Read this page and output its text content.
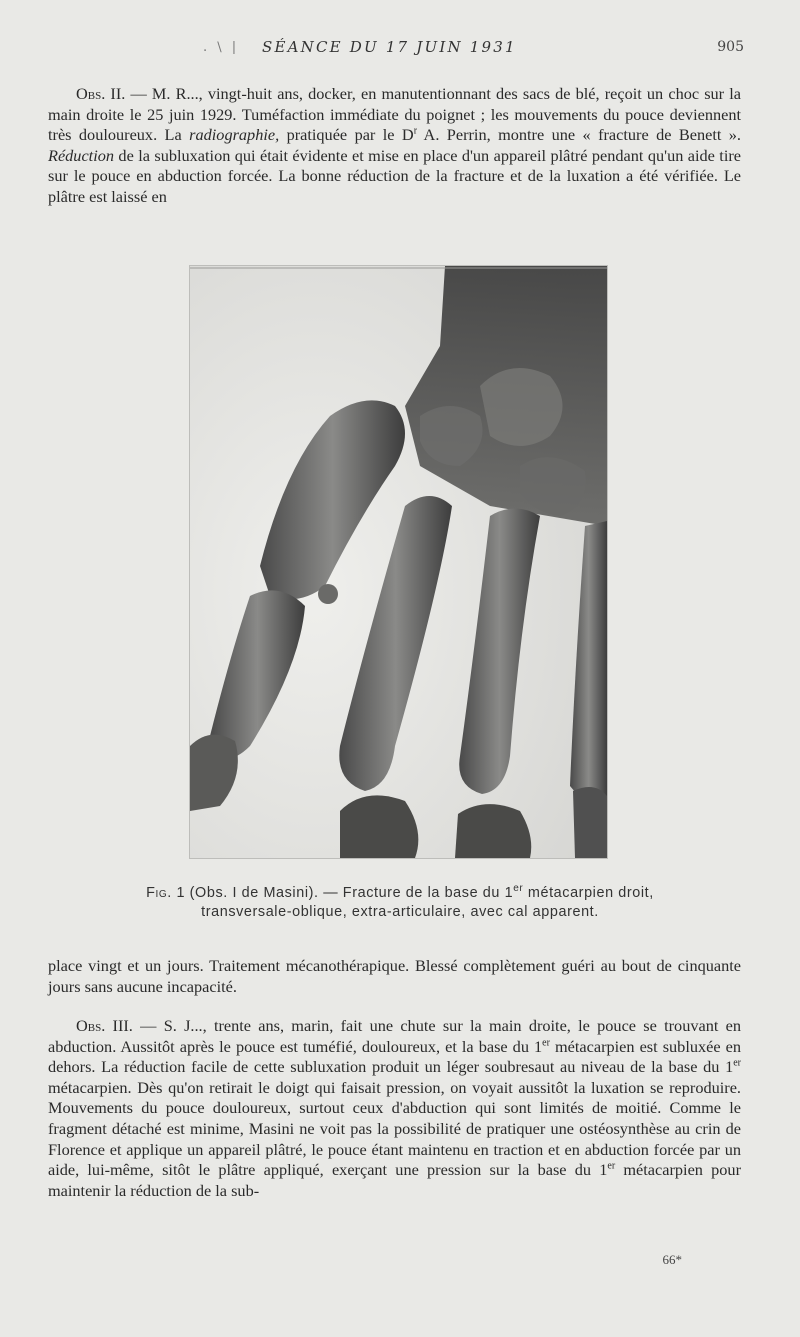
. \ | SÉANCE DU 17 JUIN 1931	905
Obs. II. — M. R..., vingt-huit ans, docker, en manutentionnant des sacs de blé, reçoit un choc sur la main droite le 25 juin 1929. Tuméfaction immédiate du poignet ; les mouvements du pouce deviennent très douloureux. La radiographie, pratiquée par le $D^r$ A. Perrin, montre une « fracture de Benett ». Réduction de la subluxation qui était évidente et mise en place d'un appareil plâtré pendant qu'un aide tire sur le pouce en abduction forcée. La bonne réduction de la fracture et de la luxation a été vérifiée. Le plâtre est laissé en
Fig. 1 (Obs. I de Masini). — Fracture de la base du 1er métacarpien droit,
transversale-oblique, extra-articulaire, avec cal apparent.
place vingt et un jours. Traitement mécanothérapique. Blessé complètement guéri au bout de cinquante jours sans aucune incapacité.
Obs. III. — S. J..., trente ans, marin, fait une chute sur la main droite, le pouce se trouvant en abduction. Aussitôt après le pouce est tuméfié, douloureux, et la base du 1er métacarpien est subluxée en dehors. La réduction facile de cette subluxation produit un léger soubresaut au niveau de la base du 1er métacarpien. Dès qu'on retirait le doigt qui faisait pression, on voyait aussitôt la luxation se reproduire. Mouvements du pouce douloureux, surtout ceux d'abduction qui sont limités de moitié. Comme le fragment détaché est minime, Masini ne voit pas la possibilité de pratiquer une ostéosynthèse au crin de Florence et applique un appareil plâtré, le pouce étant maintenu en traction et en abduction forcée par un aide, lui-même, sitôt le plâtre appliqué, exerçant une pression sur la base du 1er métacarpien pour maintenir la réduction de la sub-
66*
